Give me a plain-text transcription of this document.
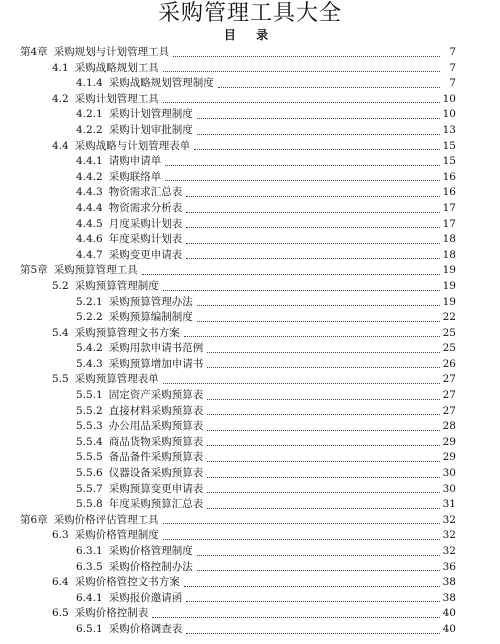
采购管理工具大全
目 录
第4章 采购规划与计划管理工具	7
4.1 采购战略规划工具	7
4.1.4 采购战略规划管理制度	7
4.2 采购计划管理工具	10
4.2.1 采购计划管理制度	10
4.2.2 采购计划审批制度	13
4.4 采购战略与计划管理表单	15
4.4.1 请购申请单	15
4.4.2 采购联络单	16
4.4.3 物资需求汇总表	16
4.4.4 物资需求分析表	17
4.4.5 月度采购计划表	17
4.4.6 年度采购计划表	18
4.4.7 采购变更申请表	18
第5章 采购预算管理工具	19
5.2 采购预算管理制度	19
5.2.1 采购预算管理办法	19
5.2.2 采购预算编制制度	22
5.4 采购预算管理文书方案	25
5.4.2 采购用款申请书范例	25
5.4.3 采购预算增加申请书	26
5.5 采购预算管理表单	27
5.5.1 固定资产采购预算表	27
5.5.2 直接材料采购预算表	27
5.5.3 办公用品采购预算表	28
5.5.4 商品货物采购预算表	29
5.5.5 备品备件采购预算表	29
5.5.6 仪器设备采购预算表	30
5.5.7 采购预算变更申请表	30
5.5.8 年度采购预算汇总表	31
第6章 采购价格评估管理工具	32
6.3 采购价格管理制度	32
6.3.1 采购价格管理制度	32
6.3.5 采购价格控制办法	36
6.4 采购价格管控文书方案	38
6.4.1 采购报价邀请函	38
6.5 采购价格控制表	40
6.5.1 采购价格调查表	40
